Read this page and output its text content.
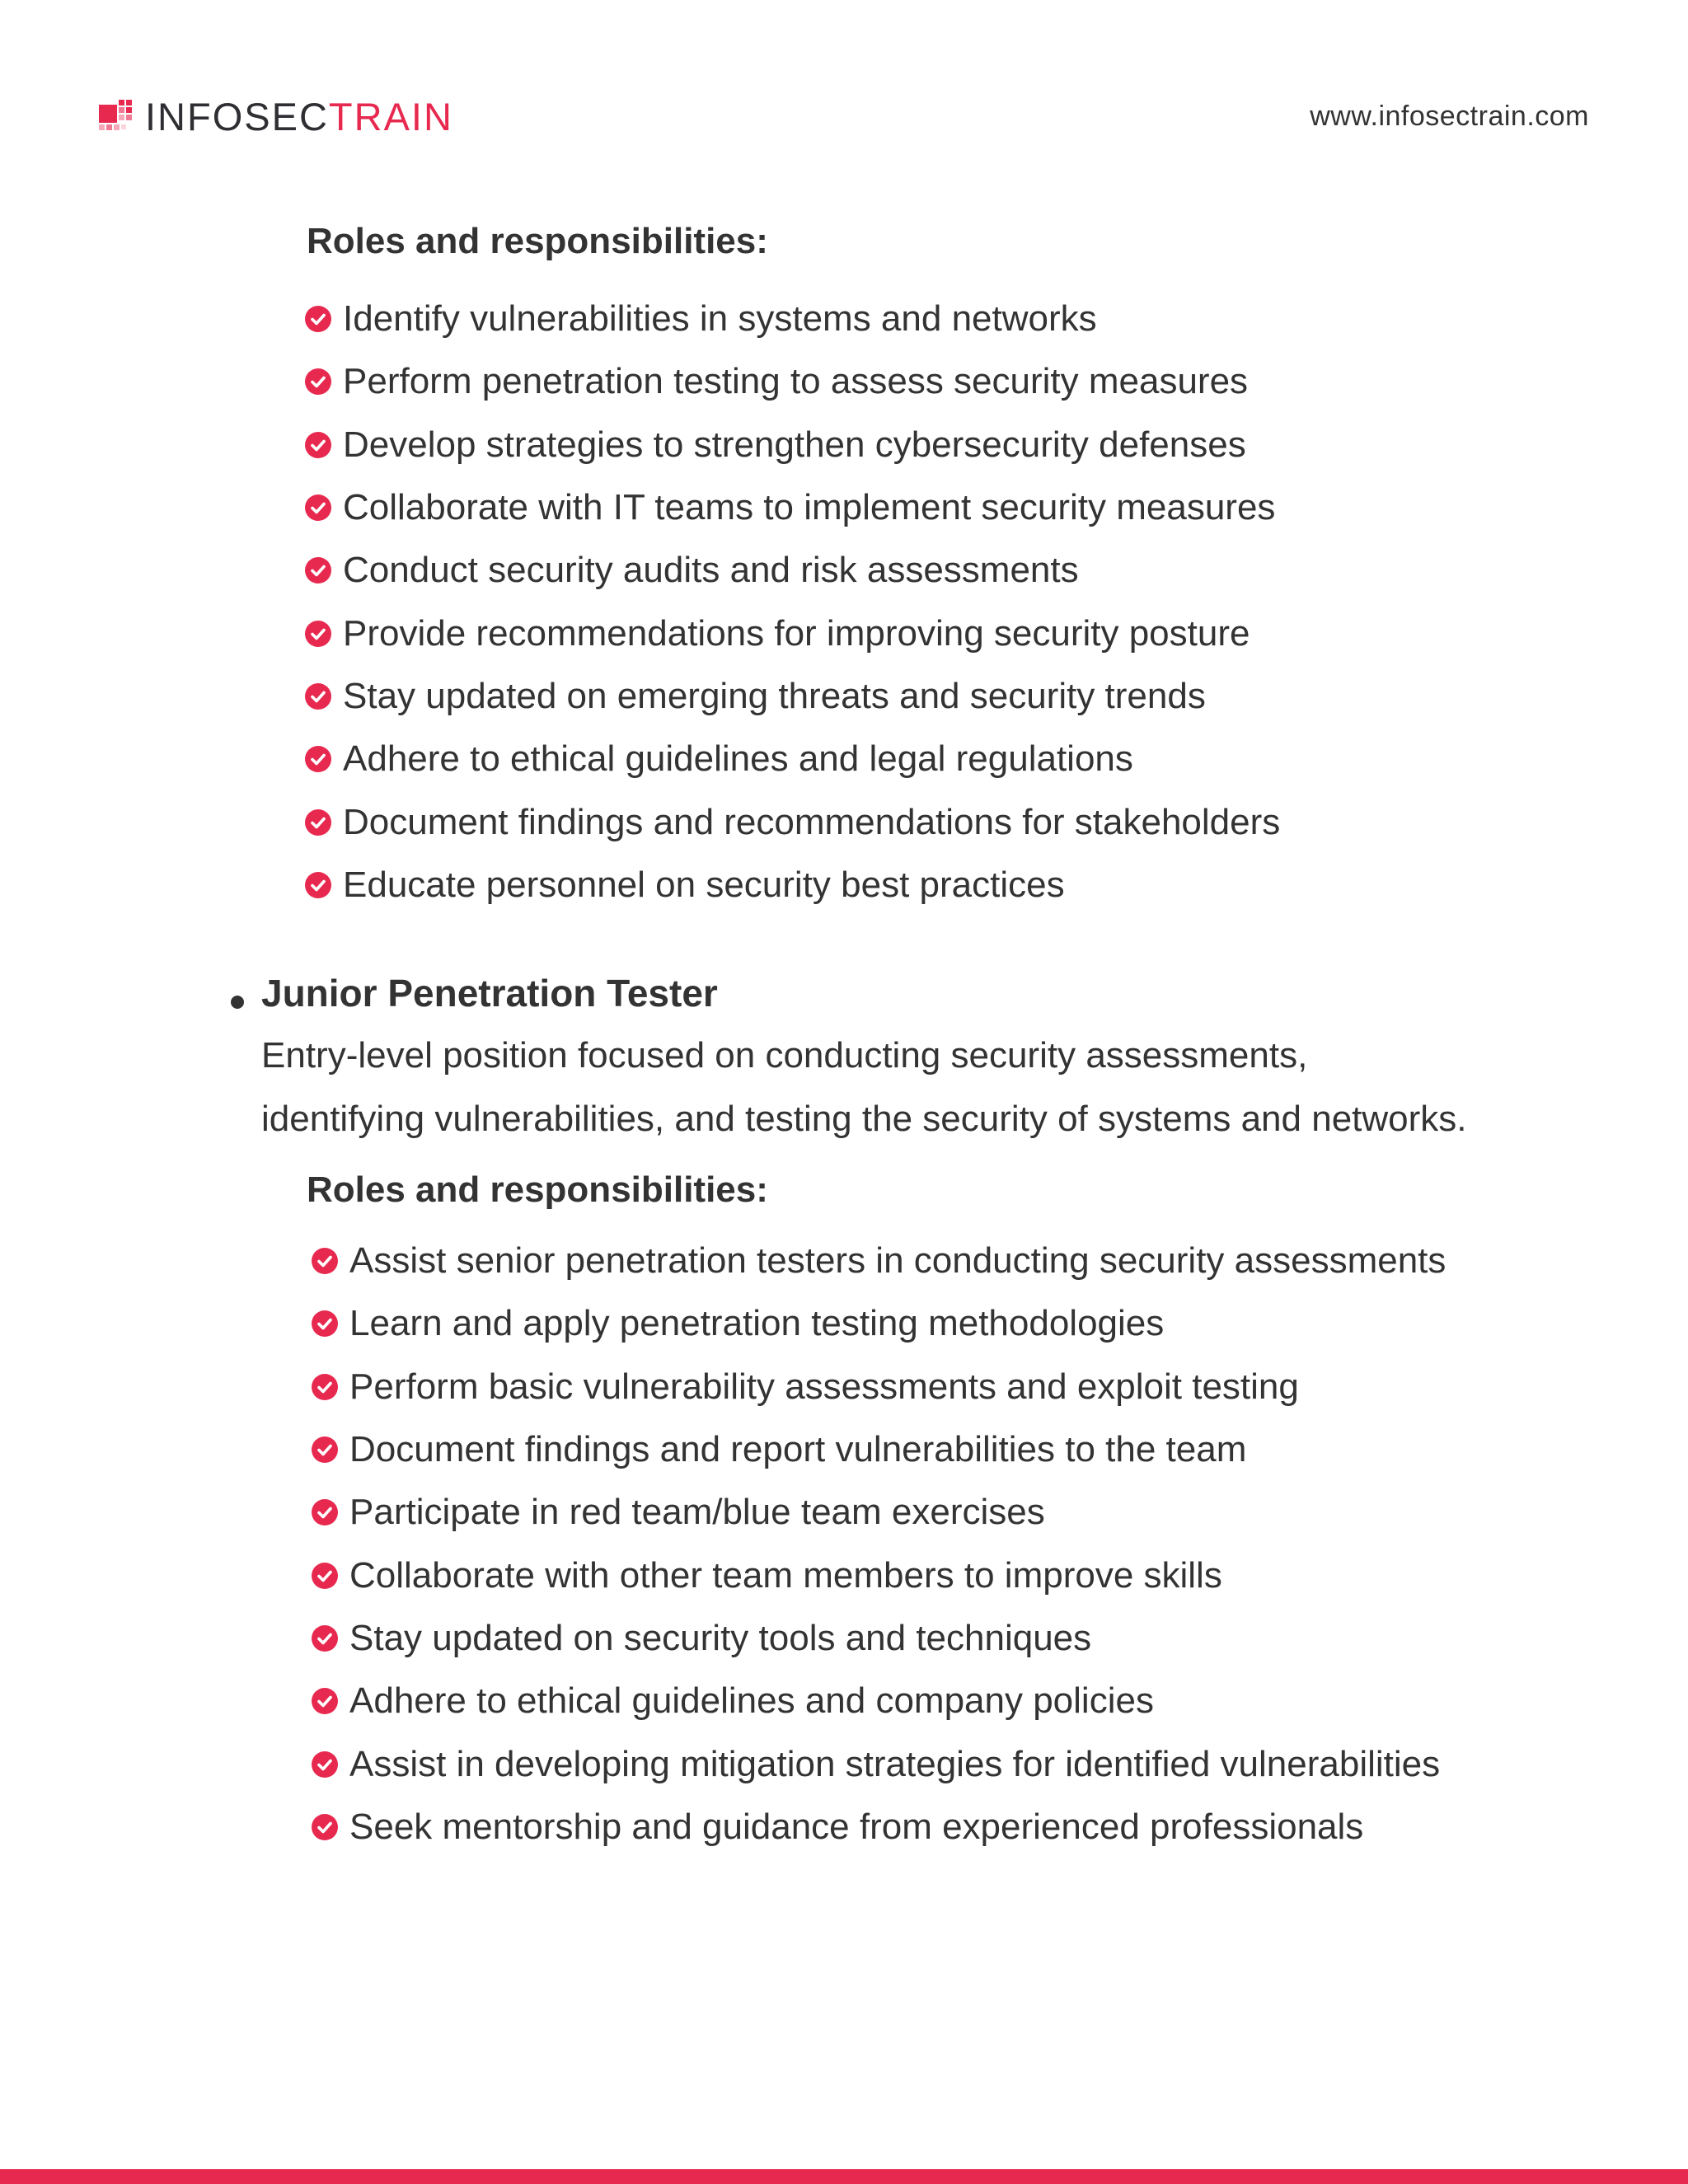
INFOSECTRAIN	www.infosectrain.com
Roles and responsibilities:
Identify vulnerabilities in systems and networks
Perform penetration testing to assess security measures
Develop strategies to strengthen cybersecurity defenses
Collaborate with IT teams to implement security measures
Conduct security audits and risk assessments
Provide recommendations for improving security posture
Stay updated on emerging threats and security trends
Adhere to ethical guidelines and legal regulations
Document findings and recommendations for stakeholders
Educate personnel on security best practices
Junior Penetration Tester
Entry-level position focused on conducting security assessments,
identifying vulnerabilities, and testing the security of systems and networks.
Roles and responsibilities:
Assist senior penetration testers in conducting security assessments
Learn and apply penetration testing methodologies
Perform basic vulnerability assessments and exploit testing
Document findings and report vulnerabilities to the team
Participate in red team/blue team exercises
Collaborate with other team members to improve skills
Stay updated on security tools and techniques
Adhere to ethical guidelines and company policies
Assist in developing mitigation strategies for identified vulnerabilities
Seek mentorship and guidance from experienced professionals
